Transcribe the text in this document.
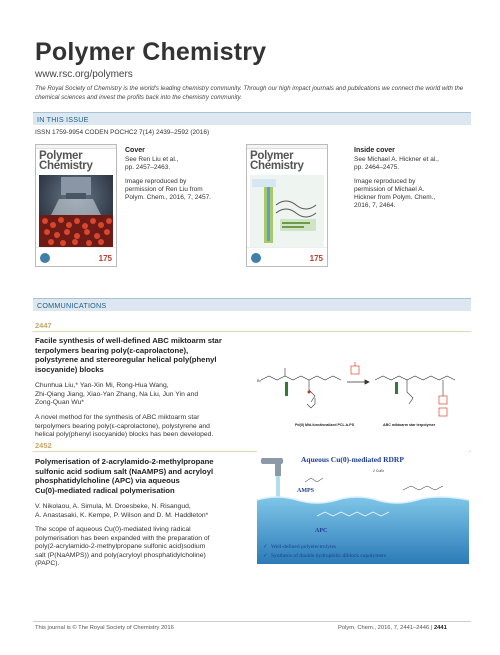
Polymer Chemistry
www.rsc.org/polymers
The Royal Society of Chemistry is the world's leading chemistry community. Through our high impact journals and publications we connect the world with the chemical sciences and invest the profits back into the chemistry community.
IN THIS ISSUE
ISSN 1759-9954 CODEN POCHC2 7(14) 2439–2592 (2016)
Polymer
Chemistry
175
Cover
See Ren Liu et al.,
pp. 2457–2463.
Image reproduced by
permission of Ren Liu from
Polym. Chem., 2016, 7, 2457.
Polymer
Chemistry
175
Inside cover
See Michael A. Hickner et al.,
pp. 2464–2475.
Image reproduced by
permission of Michael A.
Hickner from Polym. Chem.,
2016, 7, 2464.
COMMUNICATIONS
2447
Facile synthesis of well-defined ABC miktoarm star
terpolymers bearing poly(ε-caprolactone),
polystyrene and stereoregular helical poly(phenyl
isocyanide) blocks
Chunhua Liu,* Yan-Xin Mi, Rong-Hua Wang,
Zhi-Qiang Jiang, Xiao-Yan Zhang, Na Liu, Jun Yin and
Zong-Quan Wu*
A novel method for the synthesis of ABC miktoarm star
terpolymers bearing poly(ε-caprolactone), polystyrene and
helical poly(phenyl isocyanide) blocks has been developed.
Br
Pd(II) Mid-functionalized PCL-b-PS	ABC miktoarm star terpolymer
2452
Polymerisation of 2-acrylamido-2-methylpropane
sulfonic acid sodium salt (NaAMPS) and acryloyl
phosphatidylcholine (APC) via aqueous
Cu(0)-mediated radical polymerisation
V. Nikolaou, A. Simula, M. Droesbeke, N. Risangud,
A. Anastasaki, K. Kempe, P. Wilson and D. M. Haddleton*
The scope of aqueous Cu(0)-mediated living radical
polymerisation has been expanded with the preparation of
poly(2-acrylamido-2-methylpropane sulfonic acid)sodium
salt (P(NaAMPS)) and poly(acryloyl phosphatidylcholine)
(PAPC).
Aqueous Cu(0)-mediated RDRP
AMPS
APC
2 CuBr
✓ Well-defined polyelectrolytes
✓ Synthesis of double hydrophilic diblock copolymers
This journal is © The Royal Society of Chemistry 2016	Polym. Chem., 2016, 7, 2441–2446 | 2441
